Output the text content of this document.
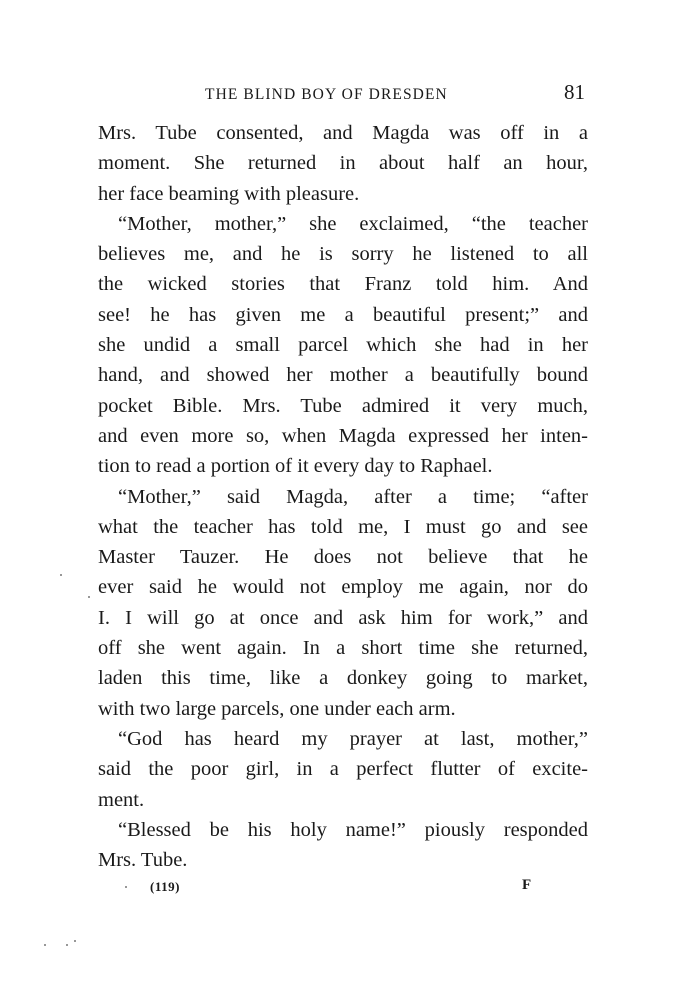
THE BLIND BOY OF DRESDEN	81
Mrs. Tube consented, and Magda was off in a
moment. She returned in about half an hour,
her face beaming with pleasure.
“Mother, mother,” she exclaimed, “the teacher
believes me, and he is sorry he listened to all
the wicked stories that Franz told him. And
see! he has given me a beautiful present;” and
she undid a small parcel which she had in her
hand, and showed her mother a beautifully bound
pocket Bible. Mrs. Tube admired it very much,
and even more so, when Magda expressed her inten-
tion to read a portion of it every day to Raphael.
“Mother,” said Magda, after a time; “after
what the teacher has told me, I must go and see
Master Tauzer. He does not believe that he
ever said he would not employ me again, nor do
I. I will go at once and ask him for work,” and
off she went again. In a short time she returned,
laden this time, like a donkey going to market,
with two large parcels, one under each arm.
“God has heard my prayer at last, mother,”
said the poor girl, in a perfect flutter of excite-
ment.
“Blessed be his holy name!” piously responded
Mrs. Tube.
(119)	F
